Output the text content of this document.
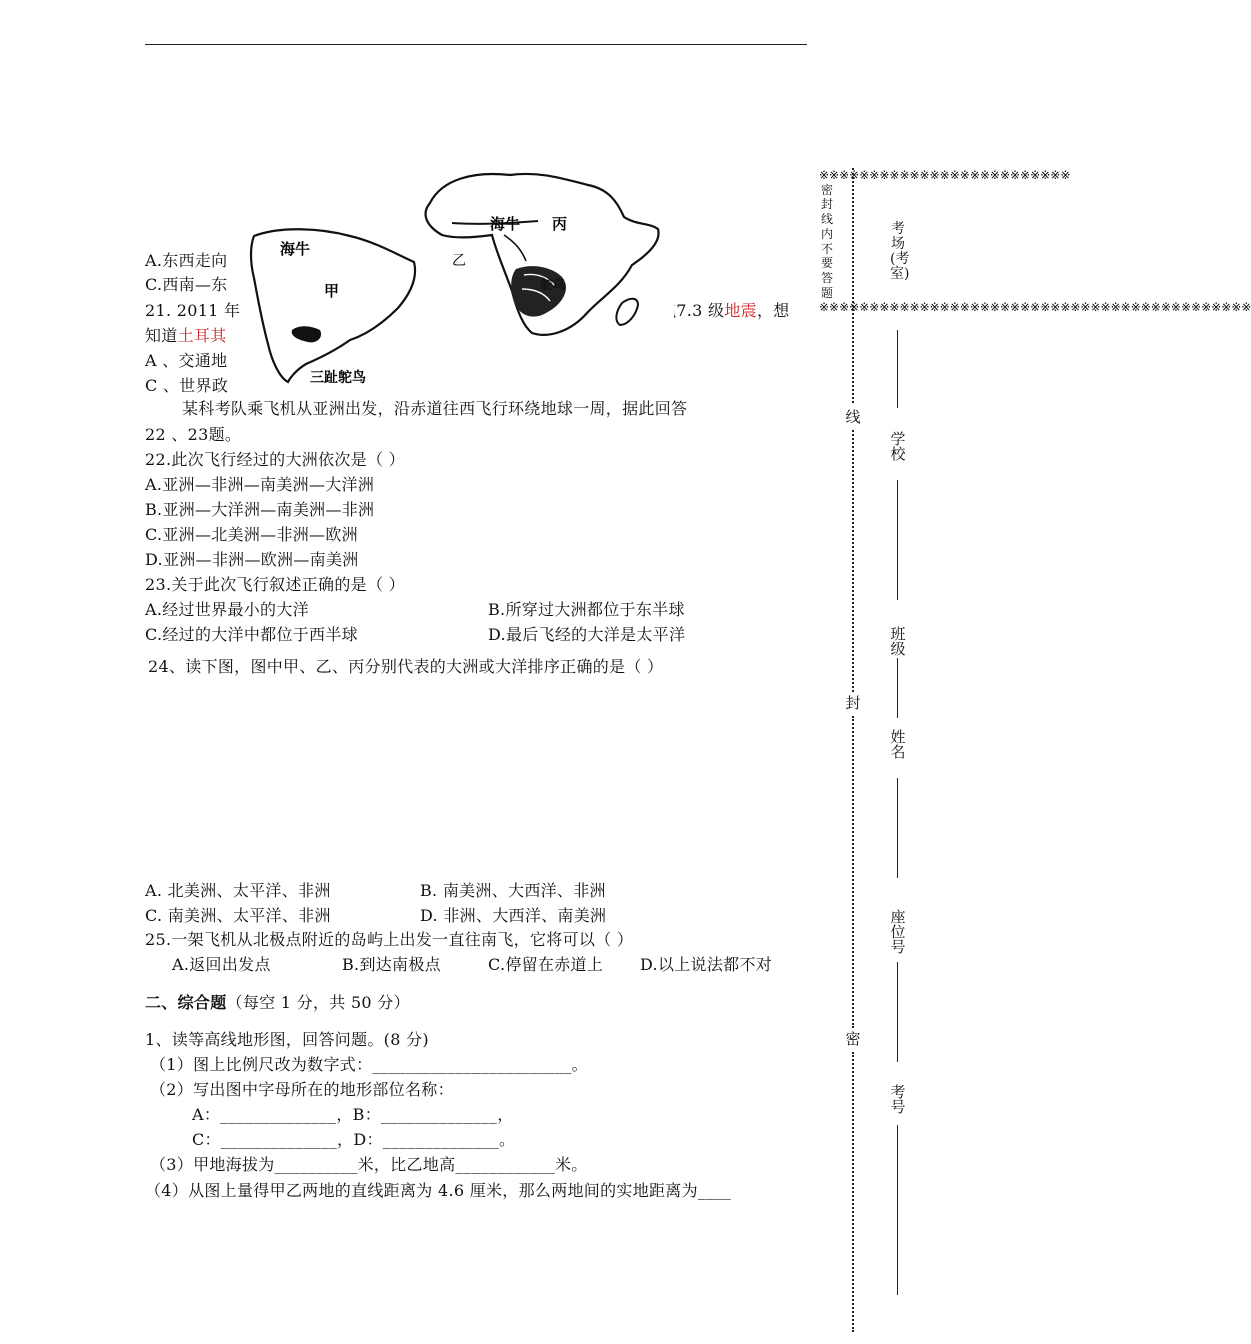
A.东西走向
C.西南—东
21. 2011 年	飞7.3 级地震，想
知道土耳其
A 、交通地
C 、世界政
海牛 丙
乙
鸵鸟
海牛
甲
三趾鸵鸟
某科考队乘飞机从亚洲出发，沿赤道往西飞行环绕地球一周，据此回答
22 、23题。
22.此次飞行经过的大洲依次是（ ）
A.亚洲—非洲—南美洲—大洋洲
B.亚洲—大洋洲—南美洲—非洲
C.亚洲—北美洲—非洲—欧洲
D.亚洲—非洲—欧洲—南美洲
23.关于此次飞行叙述正确的是（ ）
A.经过世界最小的大洋	B.所穿过大洲都位于东半球
C.经过的大洋中都位于西半球	D.最后飞经的大洋是太平洋
24、读下图，图中甲、乙、丙分别代表的大洲或大洋排序正确的是（ ）
A. 北美洲、太平洋、非洲	B. 南美洲、大西洋、非洲
C. 南美洲、太平洋、非洲	D. 非洲、大西洋、南美洲
25.一架飞机从北极点附近的岛屿上出发一直往南飞，它将可以（ ）
A.返回出发点	B.到达南极点	C.停留在赤道上 D.以上说法都不对
二、综合题（每空 1 分，共 50 分）
1、读等高线地形图，回答问题。(8 分)
（1）图上比例尺改为数字式：________________________。
（2）写出图中字母所在的地形部位名称：
A：______________，B：______________，
C：______________，D：______________。
（3）甲地海拔为__________米，比乙地高____________米。
（4）从图上量得甲乙两地的直线距离为 4.6 厘米，那么两地间的实地距离为____
※※※※※※※※※※※※※※※※※※※※※※※※※
密
封
线
内
不
要
答
题
※※※※※※※※※※※※※※※※※※※※※※※※※※※※※※※※※※※※※※※※※※※
线
封
密
考场(考室)
学校
班级
姓名
座位号
考号
